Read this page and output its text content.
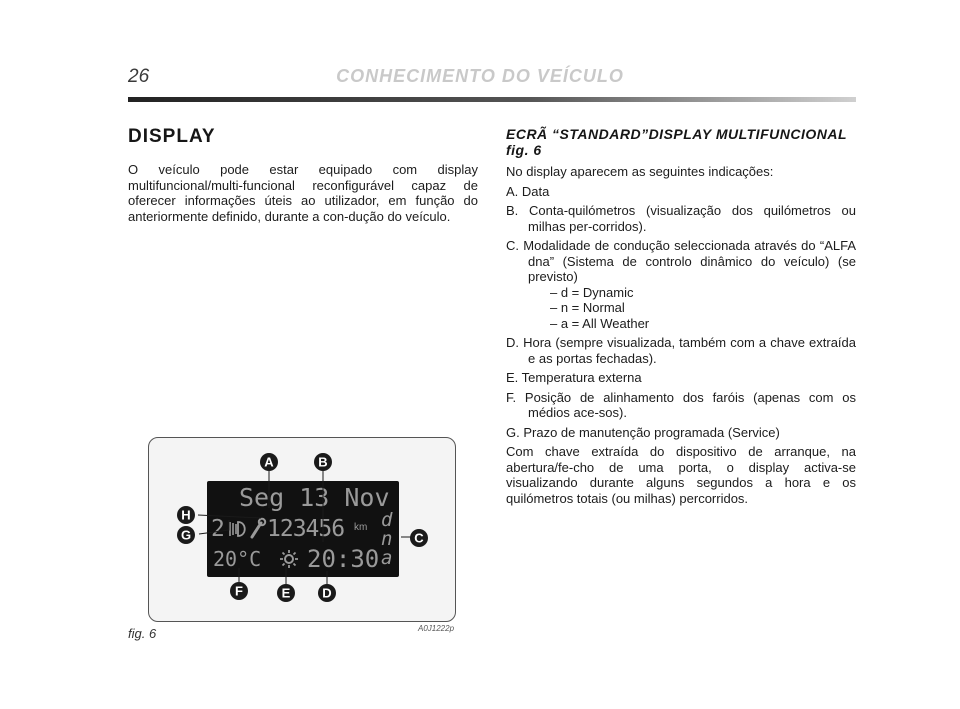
26	CONHECIMENTO DO VEÍCULO
DISPLAY

O veículo pode estar equipado com display multifuncional/multi-funcional reconfigurável capaz de oferecer informações úteis ao utilizador, em função do anteriormente definido, durante a con-dução do veículo.

ECRÃ “STANDARD”DISPLAY MULTIFUNCIONAL
fig. 6

No display aparecem as seguintes indicações:

A. Data
B. Conta-quilómetros (visualização dos quilómetros ou milhas per-corridos).
C. Modalidade de condução seleccionada através do “ALFA dna” (Sistema de controlo dinâmico do veículo) (se previsto)
– d = Dynamic
– n = Normal
– a = All Weather
D. Hora (sempre visualizada, também com a chave extraída e as portas fechadas).
E. Temperatura externa
F. Posição de alinhamento dos faróis (apenas com os médios ace-sos).
G. Prazo de manutenção programada (Service)

Com chave extraída do dispositivo de arranque, na abertura/fe-cho de uma porta, o display activa-se visualizando durante alguns segundos a hora e os quilómetros totais (ou milhas) percorridos.

Seg 13 Nov
2 123456 km d
n
a
20°C 20:30
A	B
C
D
E
F
G
H
fig. 6	A0J1222p
